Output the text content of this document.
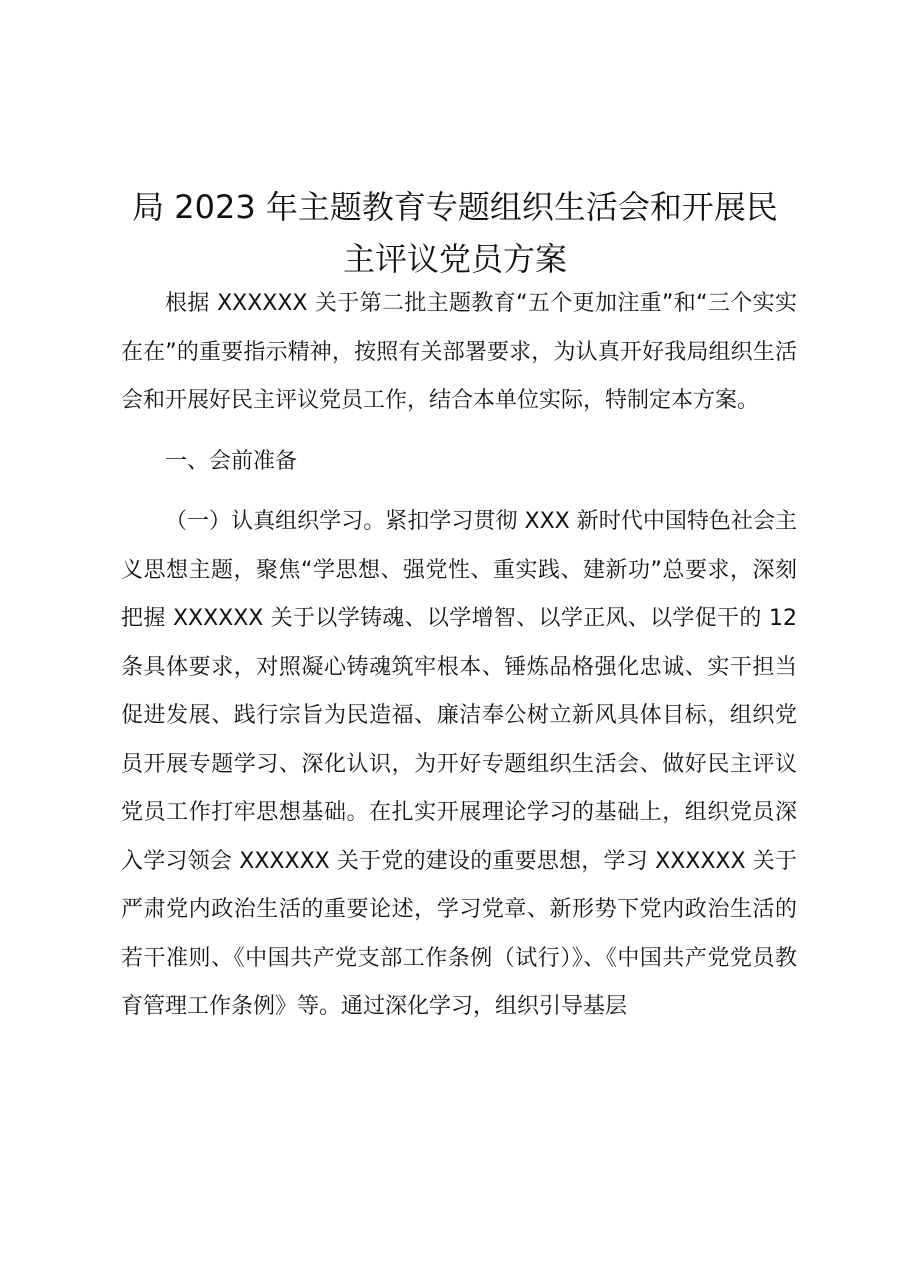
局 2023 年主题教育专题组织生活会和开展民
主评议党员方案

根据 XXXXXX 关于第二批主题教育“五个更加注重”和“三个实实在在”的重要指示精神，按照有关部署要求，为认真开好我局组织生活会和开展好民主评议党员工作，结合本单位实际，特制定本方案。

一、会前准备

（一）认真组织学习。紧扣学习贯彻 XXX 新时代中国特色社会主义思想主题，聚焦“学思想、强党性、重实践、建新功”总要求，深刻把握 XXXXXX 关于以学铸魂、以学增智、以学正风、以学促干的 12 条具体要求，对照凝心铸魂筑牢根本、锤炼品格强化忠诚、实干担当促进发展、践行宗旨为民造福、廉洁奉公树立新风具体目标，组织党员开展专题学习、深化认识，为开好专题组织生活会、做好民主评议党员工作打牢思想基础。在扎实开展理论学习的基础上，组织党员深入学习领会 XXXXXX 关于党的建设的重要思想，学习 XXXXXX 关于严肃党内政治生活的重要论述，学习党章、新形势下党内政治生活的若干准则、《中国共产党支部工作条例（试行）》、《中国共产党党员教育管理工作条例》等。通过深化学习，组织引导基层
